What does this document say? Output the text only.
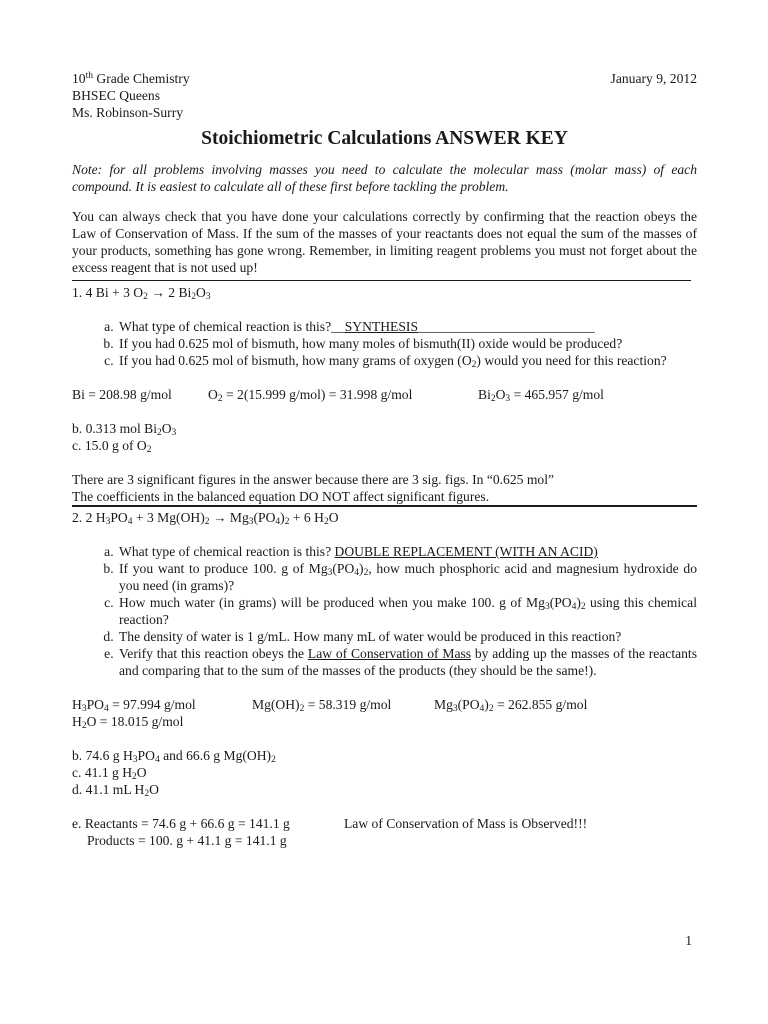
10th Grade Chemistry	January 9, 2012
BHSEC Queens
Ms. Robinson-Surry
Stoichiometric Calculations ANSWER KEY
Note: for all problems involving masses you need to calculate the molecular mass (molar mass) of each compound. It is easiest to calculate all of these first before tackling the problem.
You can always check that you have done your calculations correctly by confirming that the reaction obeys the Law of Conservation of Mass. If the sum of the masses of your reactants does not equal the sum of the masses of your products, something has gone wrong. Remember, in limiting reagent problems you must not forget about the excess reagent that is not used up!
1. 4 Bi + 3 $O_2 \to 2$ $Bi_2O_3$
a. What type of chemical reaction is this?__SYNTHESIS__________________________
b. If you had 0.625 mol of bismuth, how many moles of bismuth(II) oxide would be produced?
c. If you had 0.625 mol of bismuth, how many grams of oxygen $(O_2)$ would you need for this reaction?
Bi = 208.98 g/mol	$O_2 = 2(15.999$ g/mol) = 31.998 g/mol	$Bi_2O_3 = 465.957$ g/mol
b. 0.313 mol $Bi_2O_3$
c. 15.0 g of $O_2$
There are 3 significant figures in the answer because there are 3 sig. figs. In “0.625 mol”
The coefficients in the balanced equation DO NOT affect significant figures.
2. 2 $H_3PO_4 + 3$ $Mg(OH)_2 \to Mg_3(PO_4)_2 + 6$ $H_2O$
a. What type of chemical reaction is this? DOUBLE REPLACEMENT (WITH AN ACID)
b. If you want to produce 100. g of $Mg_3(PO_4)_2$, how much phosphoric acid and magnesium hydroxide do you need (in grams)?
c. How much water (in grams) will be produced when you make 100. g of $Mg_3(PO_4)_2$ using this chemical reaction?
d. The density of water is 1 g/mL. How many mL of water would be produced in this reaction?
e. Verify that this reaction obeys the Law of Conservation of Mass by adding up the masses of the reactants and comparing that to the sum of the masses of the products (they should be the same!).
$H_3PO_4 = 97.994$ g/mol	$Mg(OH)_2 = 58.319$ g/mol	$Mg_3(PO_4)_2 = 262.855$ g/mol
$H_2O = 18.015$ g/mol
b. 74.6 g $H_3PO_4$ and 66.6 g $Mg(OH)_2$
c. 41.1 g $H_2O$
d. 41.1 mL $H_2O$
e. Reactants = 74.6 g + 66.6 g = 141.1 g	Law of Conservation of Mass is Observed!!!
Products = 100. g + 41.1 g = 141.1 g
1
